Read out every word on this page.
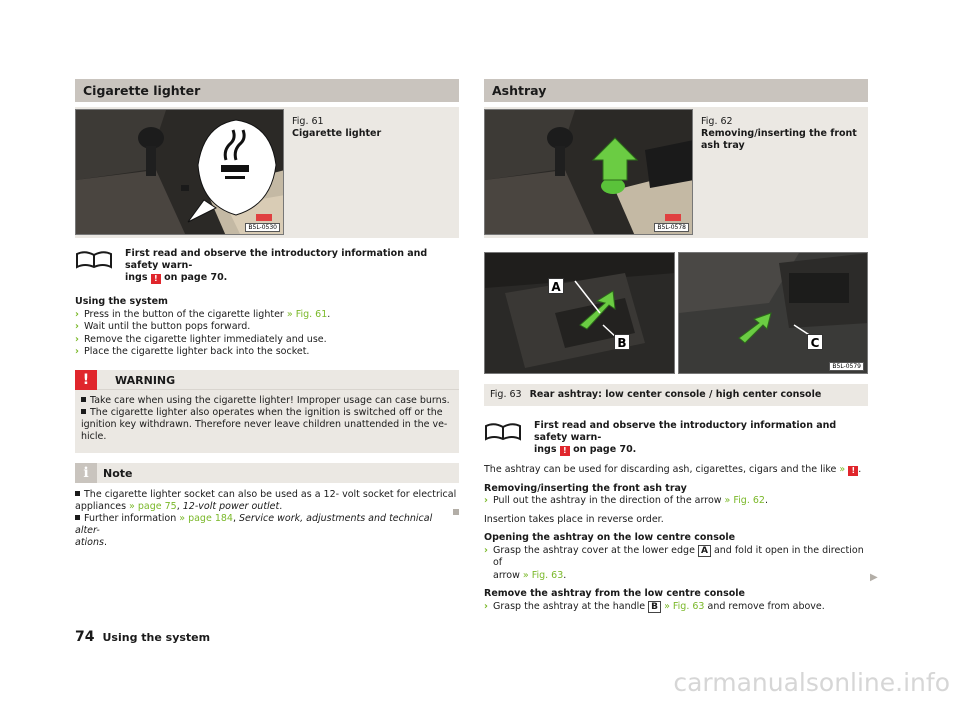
Cigarette lighter
B5L-0530
Fig. 61
Cigarette lighter
First read and observe the introductory information and safety warn-
ings ! on page 70.
Using the system
› Press in the button of the cigarette lighter » Fig. 61.
› Wait until the button pops forward.
› Remove the cigarette lighter immediately and use.
› Place the cigarette lighter back into the socket.
!	WARNING
Take care when using the cigarette lighter! Improper usage can case burns.
The cigarette lighter also operates when the ignition is switched off or the
ignition key withdrawn. Therefore never leave children unattended in the ve-
hicle.
i	Note
The cigarette lighter socket can also be used as a 12- volt socket for electrical
appliances » page 75, 12-volt power outlet.
Further information » page 184, Service work, adjustments and technical alter-
ations.
Ashtray
B5L-0578
Fig. 62
Removing/inserting the front
ash tray
A
B	C
B5L-0579
Fig. 63 Rear ashtray: low center console / high center console
First read and observe the introductory information and safety warn-
ings ! on page 70.
The ashtray can be used for discarding ash, cigarettes, cigars and the like » ! .
Removing/inserting the front ash tray
› Pull out the ashtray in the direction of the arrow » Fig. 62.
Insertion takes place in reverse order.
Opening the ashtray on the low centre console
› Grasp the ashtray cover at the lower edge A and fold it open in the direction of
arrow » Fig. 63.
Remove the ashtray from the low centre console
› Grasp the ashtray at the handle B » Fig. 63 and remove from above.
▶
74 Using the system
carmanualsonline.info
